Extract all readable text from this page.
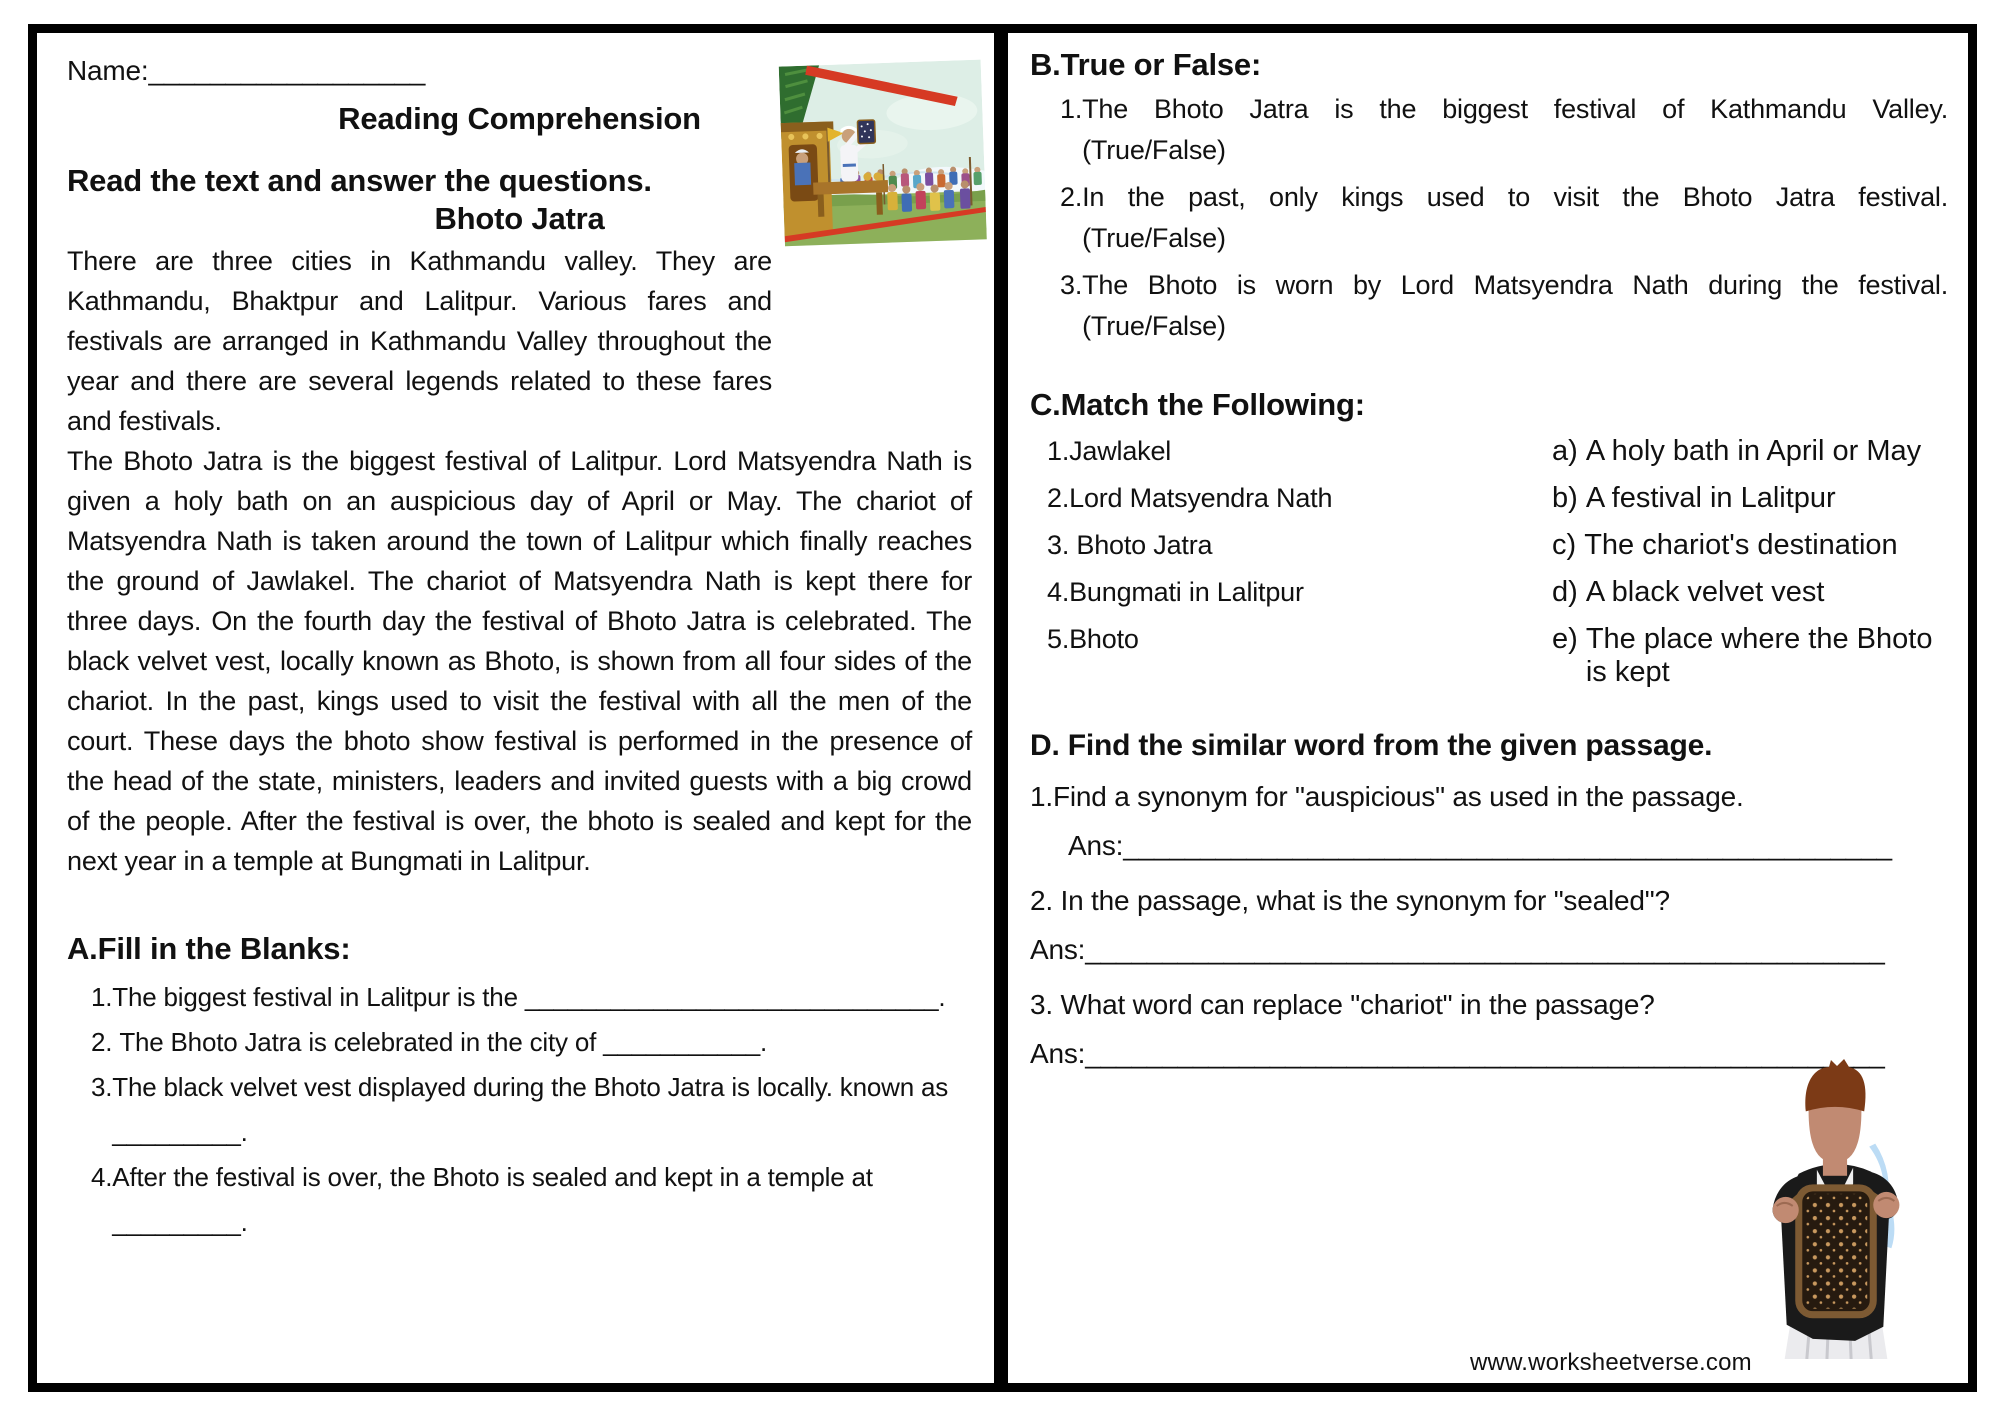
Name:__________________
Reading Comprehension
Read the text and answer the questions.
Bhoto Jatra

There are three cities in Kathmandu valley. They are Kathmandu, Bhaktpur and Lalitpur. Various fares and festivals are arranged in Kathmandu Valley throughout the year and there are several legends related to these fares and festivals.

The Bhoto Jatra is the biggest festival of Lalitpur. Lord Matsyendra Nath is given a holy bath on an auspicious day of April or May. The chariot of Matsyendra Nath is taken around the town of Lalitpur which finally reaches the ground of Jawlakel. The chariot of Matsyendra Nath is kept there for three days. On the fourth day the festival of Bhoto Jatra is celebrated. The black velvet vest, locally known as Bhoto, is shown from all four sides of the chariot. In the past, kings used to visit the festival with all the men of the court. These days the bhoto show festival is performed in the presence of the head of the state, ministers, leaders and invited guests with a big crowd of the people. After the festival is over, the bhoto is sealed and kept for the next year in a temple at Bungmati in Lalitpur.

A.Fill in the Blanks:
1. The biggest festival in Lalitpur is the _____________________________.
2. The Bhoto Jatra is celebrated in the city of ___________.
3. The black velvet vest displayed during the Bhoto Jatra is locally. known as _________.
4. After the festival is over, the Bhoto is sealed and kept in a temple at _________.
B.True or False:
1. The Bhoto Jatra is the biggest festival of Kathmandu Valley.
(True/False)
2. In the past, only kings used to visit the Bhoto Jatra festival.
(True/False)
3. The Bhoto is worn by Lord Matsyendra Nath during the festival.
(True/False)
C.Match the Following:
1. Jawlakel	a) A holy bath in April or May
2. Lord Matsyendra Nath	b) A festival in Lalitpur
3. Bhoto Jatra	c) The chariot's destination
4. Bungmati in Lalitpur	d) A black velvet vest
5. Bhoto	e) The place where the Bhoto is kept
D. Find the similar word from the given passage.
1. Find a synonym for "auspicious" as used in the passage.
Ans:__________________________________________________
2. In the passage, what is the synonym for "sealed"?
Ans:____________________________________________________
3. What word can replace "chariot" in the passage?
Ans:____________________________________________________
www.worksheetverse.com
